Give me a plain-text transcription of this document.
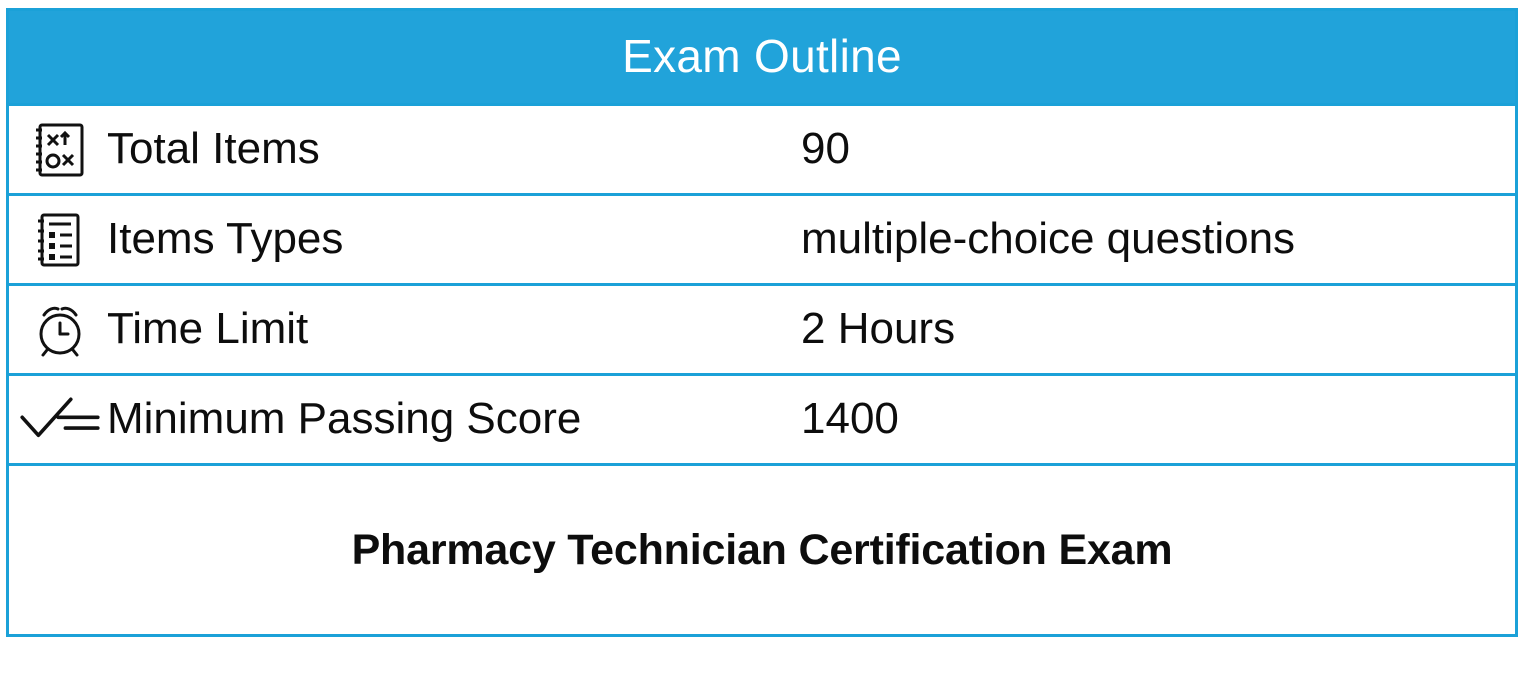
Exam Outline
Total Items	90
Items Types	multiple-choice questions
Time Limit	2 Hours
Minimum Passing Score	1400
Pharmacy Technician Certification Exam
